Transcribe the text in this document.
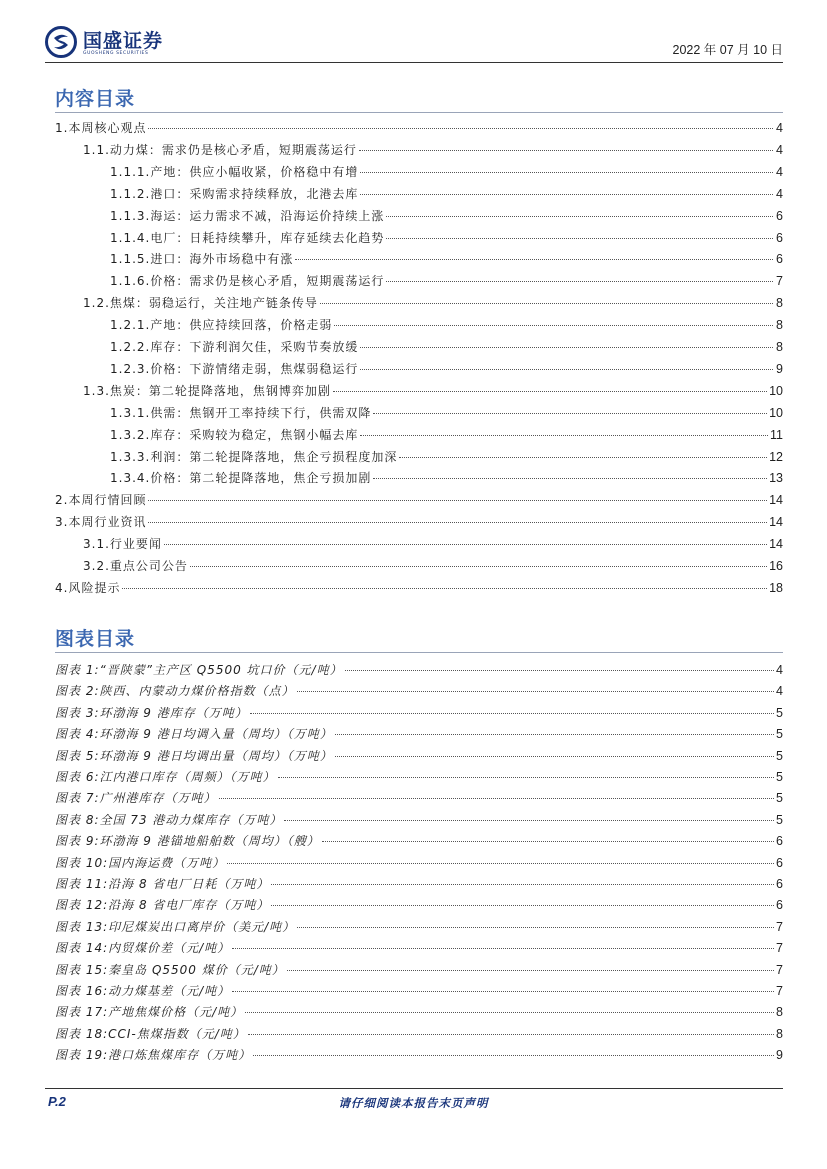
国盛证券
GUOSHENG SECURITIES	2022 年 07 月 10 日
内容目录
1.本周核心观点	4
1.1.动力煤：需求仍是核心矛盾，短期震荡运行	4
1.1.1.产地：供应小幅收紧，价格稳中有增	4
1.1.2.港口：采购需求持续释放，北港去库	4
1.1.3.海运：运力需求不减，沿海运价持续上涨	6
1.1.4.电厂：日耗持续攀升，库存延续去化趋势	6
1.1.5.进口：海外市场稳中有涨	6
1.1.6.价格：需求仍是核心矛盾，短期震荡运行	7
1.2.焦煤：弱稳运行，关注地产链条传导	8
1.2.1.产地：供应持续回落，价格走弱	8
1.2.2.库存：下游利润欠佳，采购节奏放缓	8
1.2.3.价格：下游情绪走弱，焦煤弱稳运行	9
1.3.焦炭：第二轮提降落地，焦钢博弈加剧	10
1.3.1.供需：焦钢开工率持续下行，供需双降	10
1.3.2.库存：采购较为稳定，焦钢小幅去库	11
1.3.3.利润：第二轮提降落地，焦企亏损程度加深	12
1.3.4.价格：第二轮提降落地，焦企亏损加剧	13
2.本周行情回顾	14
3.本周行业资讯	14
3.1.行业要闻	14
3.2.重点公司公告	16
4.风险提示	18
图表目录
图表 1:“晋陕蒙”主产区 Q5500 坑口价（元/吨）	4
图表 2:陕西、内蒙动力煤价格指数（点）	4
图表 3:环渤海 9 港库存（万吨）	5
图表 4:环渤海 9 港日均调入量（周均）（万吨）	5
图表 5:环渤海 9 港日均调出量（周均）（万吨）	5
图表 6:江内港口库存（周频）（万吨）	5
图表 7:广州港库存（万吨）	5
图表 8:全国 73 港动力煤库存（万吨）	5
图表 9:环渤海 9 港锚地船舶数（周均）（艘）	6
图表 10:国内海运费（万吨）	6
图表 11:沿海 8 省电厂日耗（万吨）	6
图表 12:沿海 8 省电厂库存（万吨）	6
图表 13:印尼煤炭出口离岸价（美元/吨）	7
图表 14:内贸煤价差（元/吨）	7
图表 15:秦皇岛 Q5500 煤价（元/吨）	7
图表 16:动力煤基差（元/吨）	7
图表 17:产地焦煤价格（元/吨）	8
图表 18:CCI-焦煤指数（元/吨）	8
图表 19:港口炼焦煤库存（万吨）	9
P.2	请仔细阅读本报告末页声明
